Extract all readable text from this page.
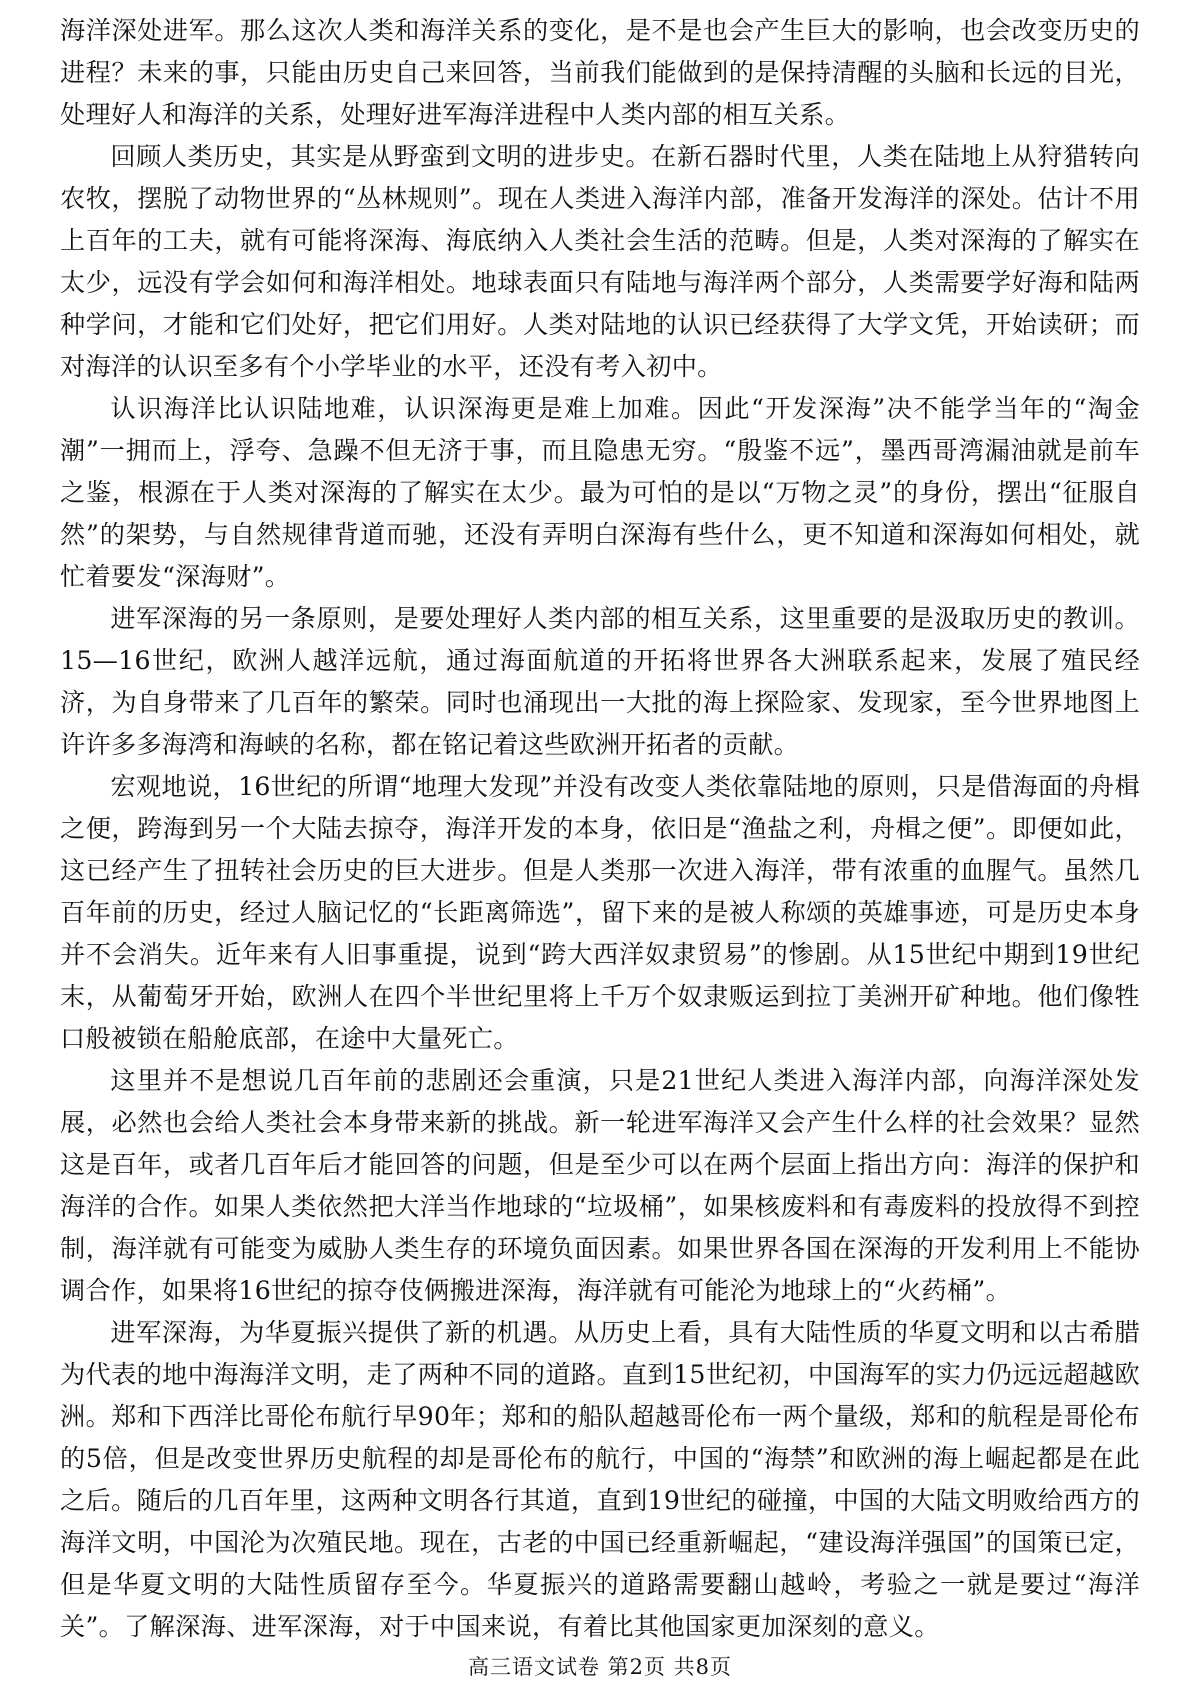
海洋深处进军。那么这次人类和海洋关系的变化，是不是也会产生巨大的影响，也会改变历史的进程？未来的事，只能由历史自己来回答，当前我们能做到的是保持清醒的头脑和长远的目光，处理好人和海洋的关系，处理好进军海洋进程中人类内部的相互关系。

回顾人类历史，其实是从野蛮到文明的进步史。在新石器时代里，人类在陆地上从狩猎转向农牧，摆脱了动物世界的“丛林规则”。现在人类进入海洋内部，准备开发海洋的深处。估计不用上百年的工夫，就有可能将深海、海底纳入人类社会生活的范畴。但是，人类对深海的了解实在太少，远没有学会如何和海洋相处。地球表面只有陆地与海洋两个部分，人类需要学好海和陆两种学问，才能和它们处好，把它们用好。人类对陆地的认识已经获得了大学文凭，开始读研；而对海洋的认识至多有个小学毕业的水平，还没有考入初中。

认识海洋比认识陆地难，认识深海更是难上加难。因此“开发深海”决不能学当年的“淘金潮”一拥而上，浮夸、急躁不但无济于事，而且隐患无穷。“殷鉴不远”，墨西哥湾漏油就是前车之鉴，根源在于人类对深海的了解实在太少。最为可怕的是以“万物之灵”的身份，摆出“征服自然”的架势，与自然规律背道而驰，还没有弄明白深海有些什么，更不知道和深海如何相处，就忙着要发“深海财”。

进军深海的另一条原则，是要处理好人类内部的相互关系，这里重要的是汲取历史的教训。15—16世纪，欧洲人越洋远航，通过海面航道的开拓将世界各大洲联系起来，发展了殖民经济，为自身带来了几百年的繁荣。同时也涌现出一大批的海上探险家、发现家，至今世界地图上许许多多海湾和海峡的名称，都在铭记着这些欧洲开拓者的贡献。

宏观地说，16世纪的所谓“地理大发现”并没有改变人类依靠陆地的原则，只是借海面的舟楫之便，跨海到另一个大陆去掠夺，海洋开发的本身，依旧是“渔盐之利，舟楫之便”。即便如此，这已经产生了扭转社会历史的巨大进步。但是人类那一次进入海洋，带有浓重的血腥气。虽然几百年前的历史，经过人脑记忆的“长距离筛选”，留下来的是被人称颂的英雄事迹，可是历史本身并不会消失。近年来有人旧事重提，说到“跨大西洋奴隶贸易”的惨剧。从15世纪中期到19世纪末，从葡萄牙开始，欧洲人在四个半世纪里将上千万个奴隶贩运到拉丁美洲开矿种地。他们像牲口般被锁在船舱底部，在途中大量死亡。

这里并不是想说几百年前的悲剧还会重演，只是21世纪人类进入海洋内部，向海洋深处发展，必然也会给人类社会本身带来新的挑战。新一轮进军海洋又会产生什么样的社会效果？显然这是百年，或者几百年后才能回答的问题，但是至少可以在两个层面上指出方向：海洋的保护和海洋的合作。如果人类依然把大洋当作地球的“垃圾桶”，如果核废料和有毒废料的投放得不到控制，海洋就有可能变为威胁人类生存的环境负面因素。如果世界各国在深海的开发利用上不能协调合作，如果将16世纪的掠夺伎俩搬进深海，海洋就有可能沦为地球上的“火药桶”。

进军深海，为华夏振兴提供了新的机遇。从历史上看，具有大陆性质的华夏文明和以古希腊为代表的地中海海洋文明，走了两种不同的道路。直到15世纪初，中国海军的实力仍远远超越欧洲。郑和下西洋比哥伦布航行早90年；郑和的船队超越哥伦布一两个量级，郑和的航程是哥伦布的5倍，但是改变世界历史航程的却是哥伦布的航行，中国的“海禁”和欧洲的海上崛起都是在此之后。随后的几百年里，这两种文明各行其道，直到19世纪的碰撞，中国的大陆文明败给西方的海洋文明，中国沦为次殖民地。现在，古老的中国已经重新崛起，“建设海洋强国”的国策已定，但是华夏文明的大陆性质留存至今。华夏振兴的道路需要翻山越岭，考验之一就是要过“海洋关”。了解深海、进军深海，对于中国来说，有着比其他国家更加深刻的意义。

高三语文试卷 第2页 共8页
